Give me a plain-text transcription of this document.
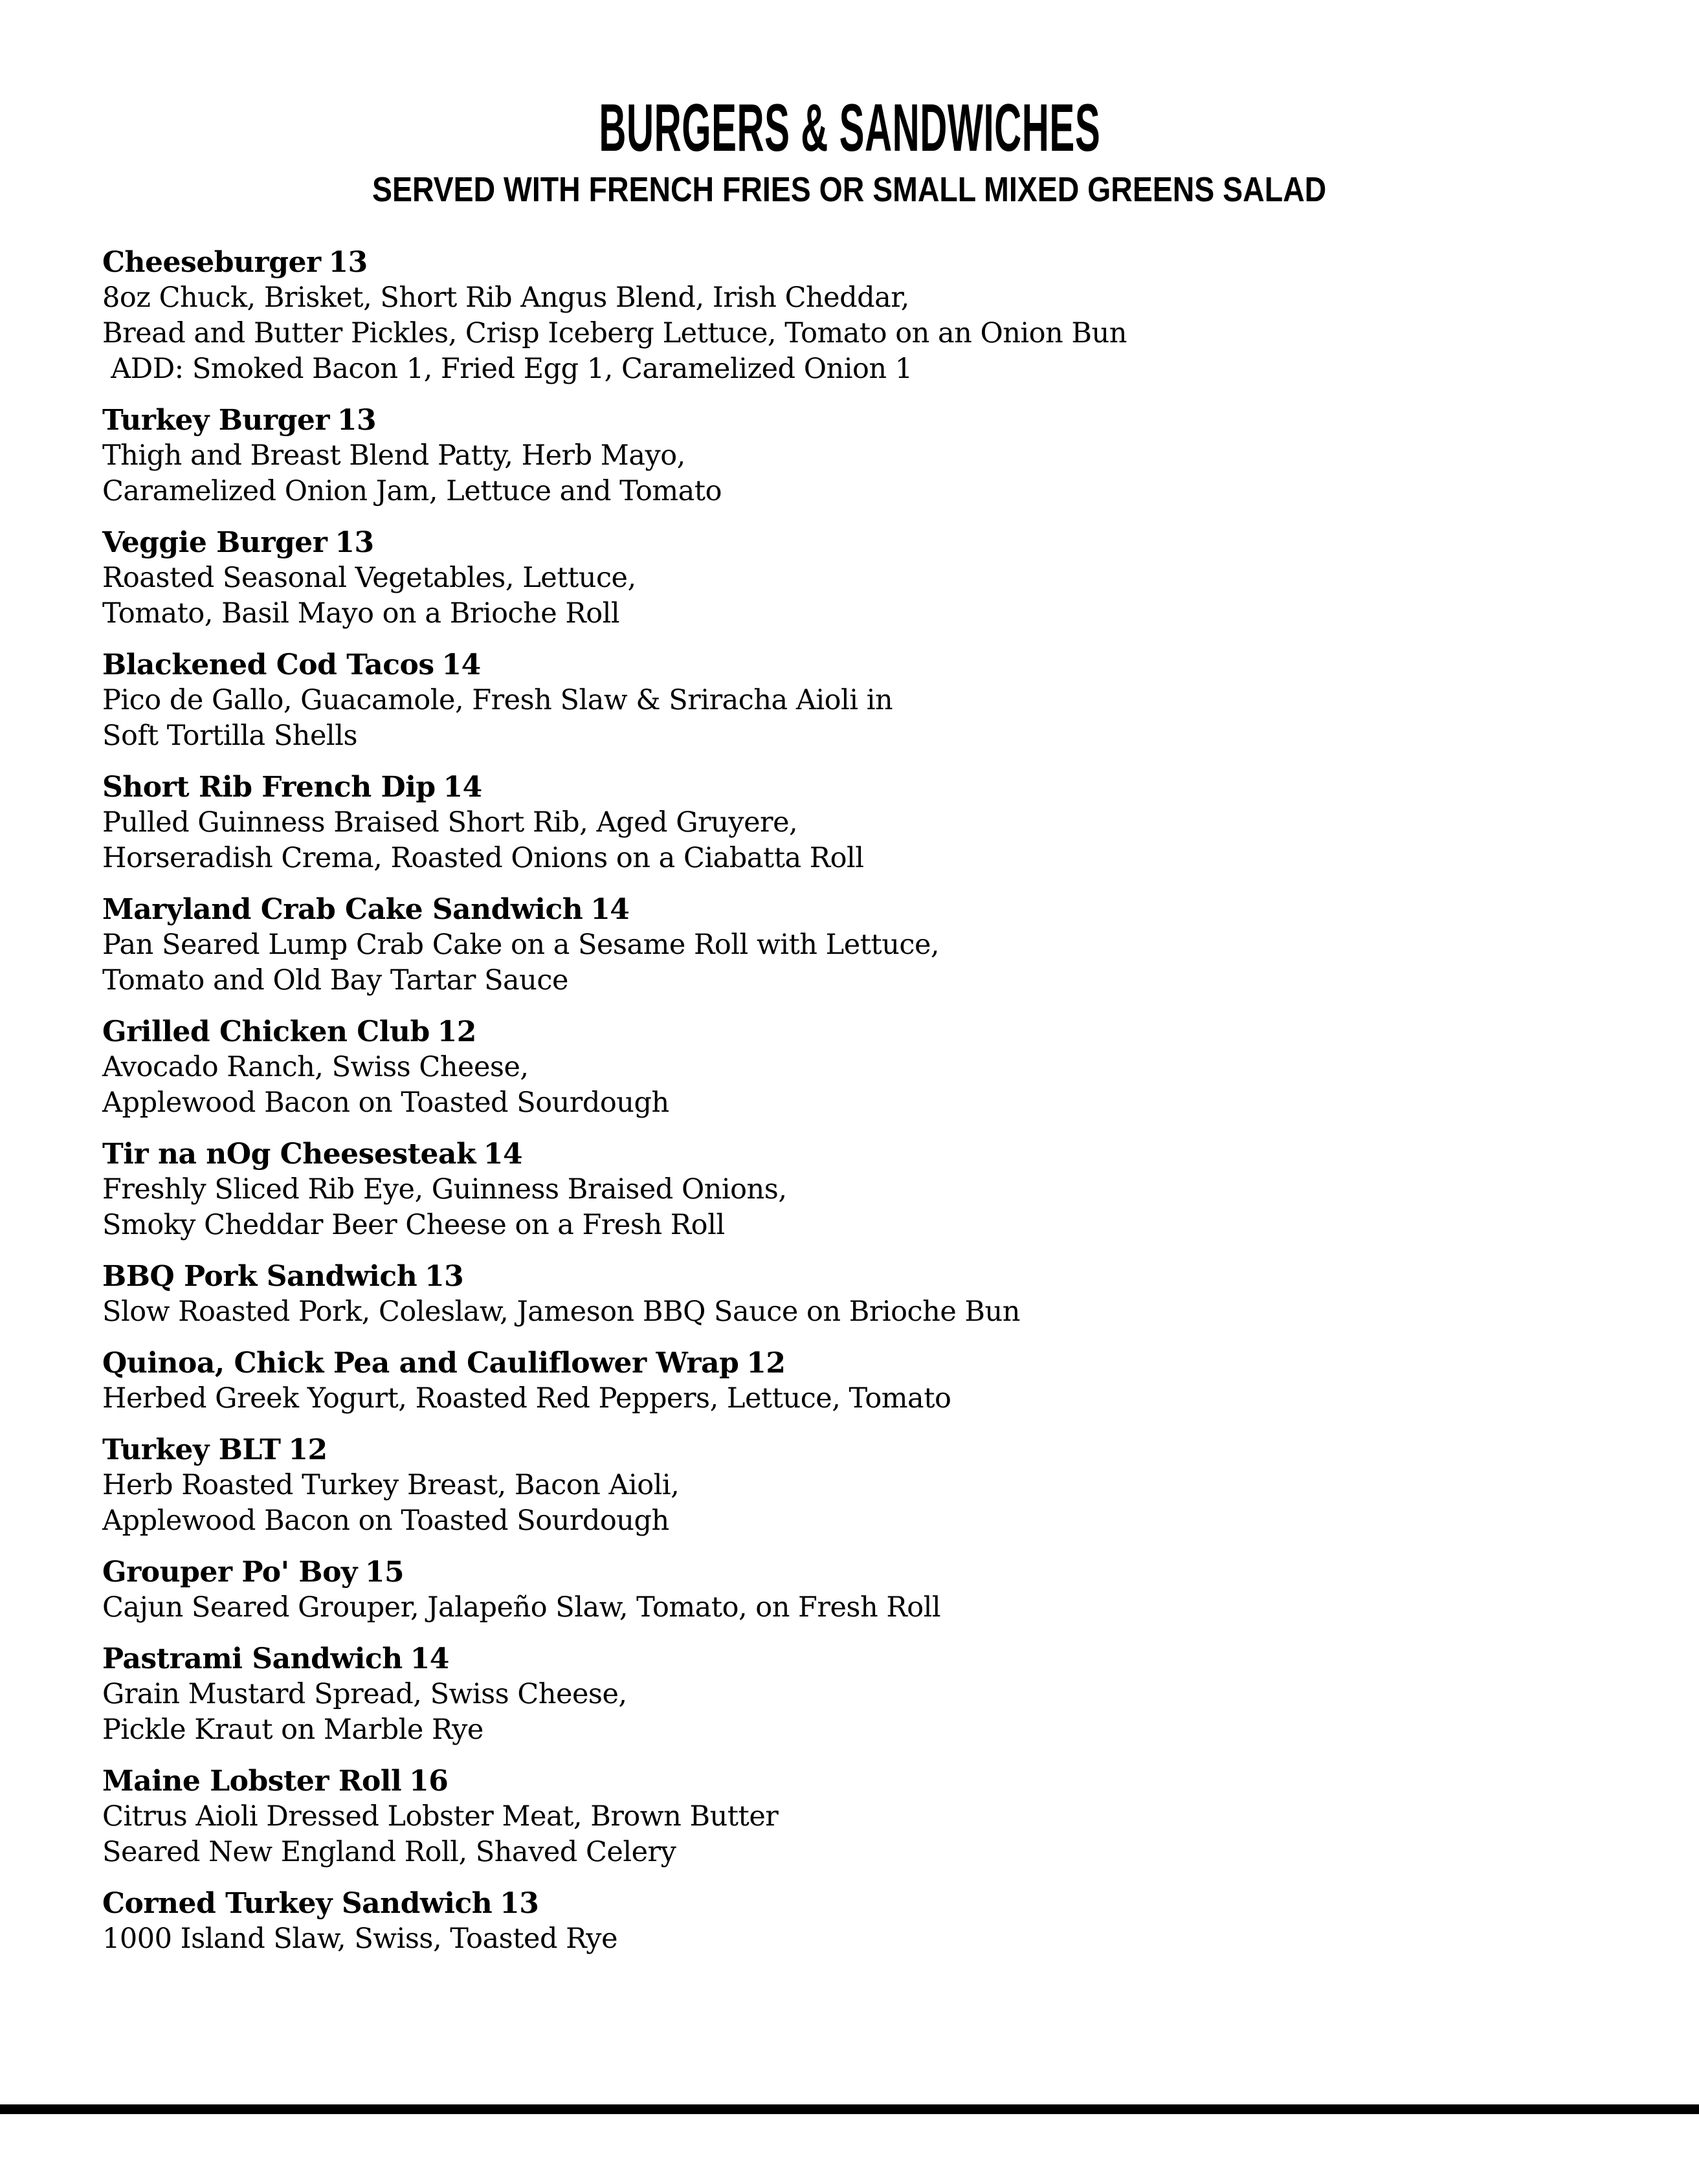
BURGERS & SANDWICHES
SERVED WITH FRENCH FRIES OR SMALL MIXED GREENS SALAD
Cheeseburger 13
8oz Chuck, Brisket, Short Rib Angus Blend, Irish Cheddar,
Bread and Butter Pickles, Crisp Iceberg Lettuce, Tomato on an Onion Bun
ADD: Smoked Bacon 1, Fried Egg 1, Caramelized Onion 1
Turkey Burger 13
Thigh and Breast Blend Patty, Herb Mayo,
Caramelized Onion Jam, Lettuce and Tomato
Veggie Burger 13
Roasted Seasonal Vegetables, Lettuce,
Tomato, Basil Mayo on a Brioche Roll
Blackened Cod Tacos 14
Pico de Gallo, Guacamole, Fresh Slaw & Sriracha Aioli in
Soft Tortilla Shells
Short Rib French Dip 14
Pulled Guinness Braised Short Rib, Aged Gruyere,
Horseradish Crema, Roasted Onions on a Ciabatta Roll
Maryland Crab Cake Sandwich 14
Pan Seared Lump Crab Cake on a Sesame Roll with Lettuce,
Tomato and Old Bay Tartar Sauce
Grilled Chicken Club 12
Avocado Ranch, Swiss Cheese,
Applewood Bacon on Toasted Sourdough
Tir na nOg Cheesesteak 14
Freshly Sliced Rib Eye, Guinness Braised Onions,
Smoky Cheddar Beer Cheese on a Fresh Roll
BBQ Pork Sandwich 13
Slow Roasted Pork, Coleslaw, Jameson BBQ Sauce on Brioche Bun
Quinoa, Chick Pea and Cauliflower Wrap 12
Herbed Greek Yogurt, Roasted Red Peppers, Lettuce, Tomato
Turkey BLT 12
Herb Roasted Turkey Breast, Bacon Aioli,
Applewood Bacon on Toasted Sourdough
Grouper Po' Boy 15
Cajun Seared Grouper, Jalapeño Slaw, Tomato, on Fresh Roll
Pastrami Sandwich 14
Grain Mustard Spread, Swiss Cheese,
Pickle Kraut on Marble Rye
Maine Lobster Roll 16
Citrus Aioli Dressed Lobster Meat, Brown Butter
Seared New England Roll, Shaved Celery
Corned Turkey Sandwich 13
1000 Island Slaw, Swiss, Toasted Rye
